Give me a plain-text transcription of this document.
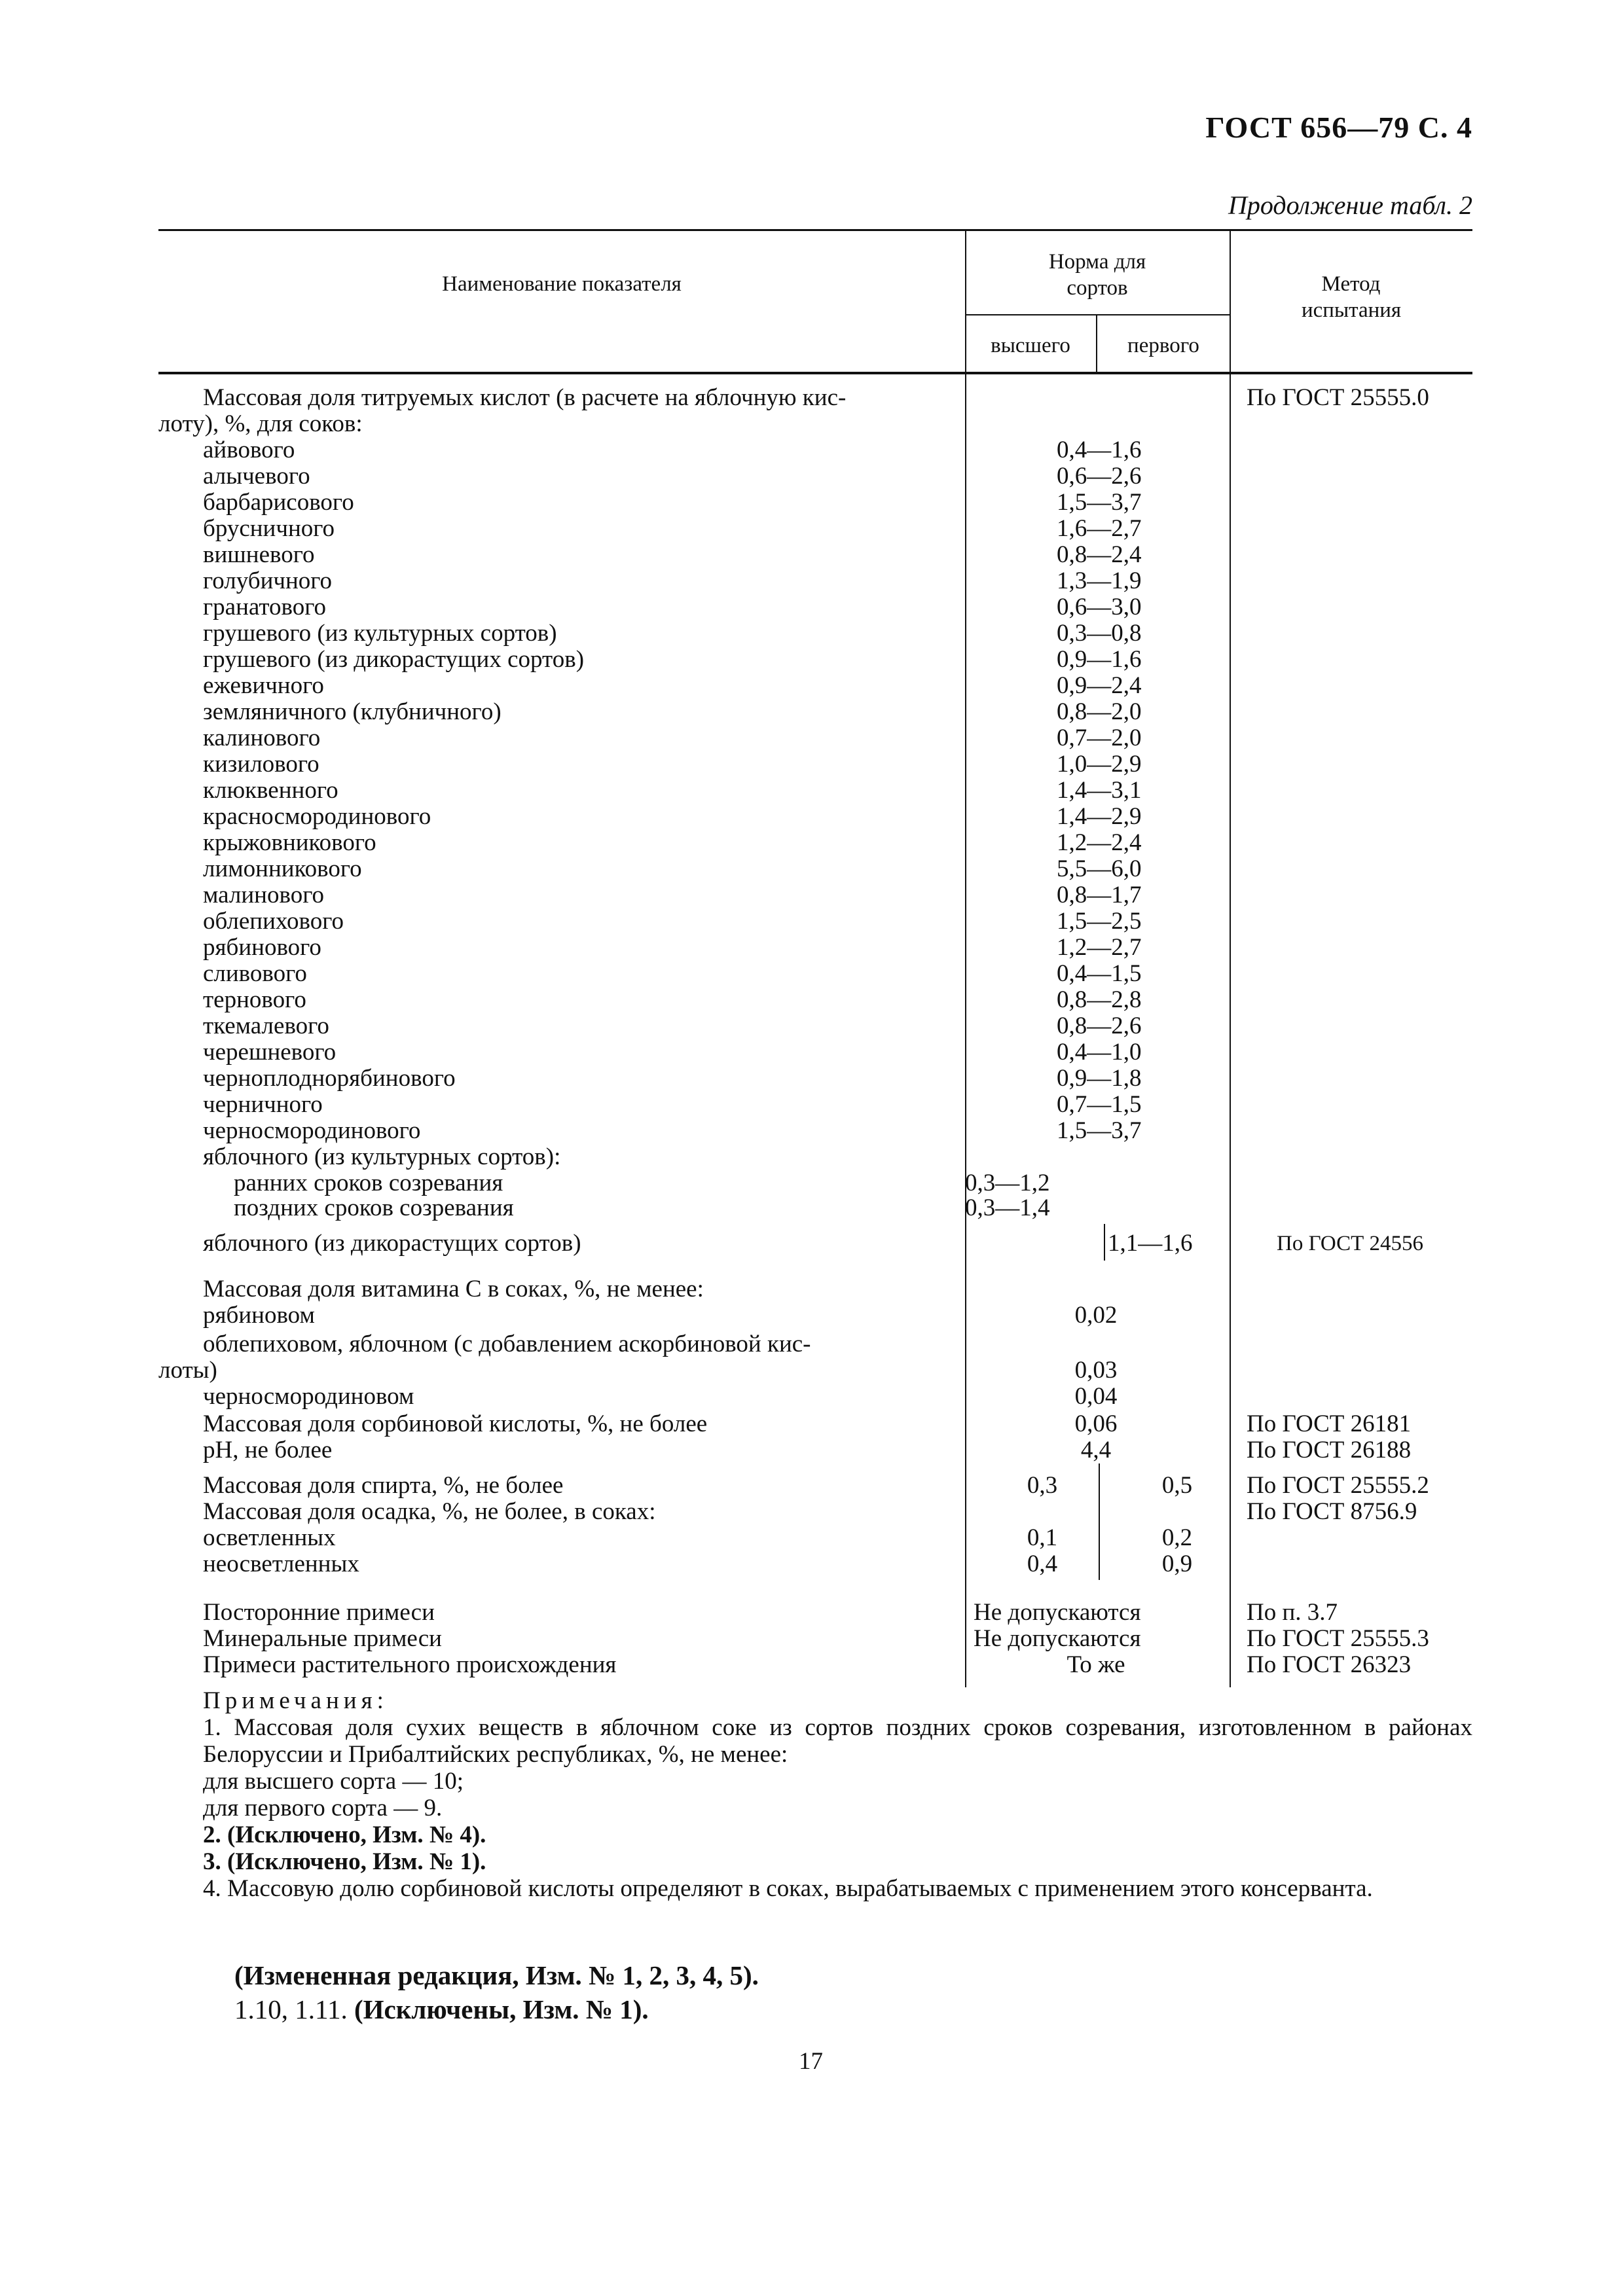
ГОСТ 656—79 С. 4
Продолжение табл. 2
Наименование показателя
Норма для сортов	Метод испытания
высшего	первого
Массовая доля титруемых кислот (в расчете на яблочную кис-	По ГОСТ 25555.0
лоту), %, для соков:
айвового	0,4—1,6
алычевого	0,6—2,6
барбарисового	1,5—3,7
брусничного	1,6—2,7
вишневого	0,8—2,4
голубичного	1,3—1,9
гранатового	0,6—3,0
грушевого (из культурных сортов)	0,3—0,8
грушевого (из дикорастущих сортов)	0,9—1,6
ежевичного	0,9—2,4
земляничного (клубничного)	0,8—2,0
калинового	0,7—2,0
кизилового	1,0—2,9
клюквенного	1,4—3,1
красносмородинового	1,4—2,9
крыжовникового	1,2—2,4
лимонникового	5,5—6,0
малинового	0,8—1,7
облепихового	1,5—2,5
рябинового	1,2—2,7
сливового	0,4—1,5
тернового	0,8—2,8
ткемалевого	0,8—2,6
черешневого	0,4—1,0
черноплоднорябинового	0,9—1,8
черничного	0,7—1,5
черносмородинового	1,5—3,7
яблочного (из культурных сортов):
ранних сроков созревания	0,3—1,2
поздних сроков созревания	0,3—1,4
яблочного (из дикорастущих сортов)	1,1—1,6	По ГОСТ 24556
Массовая доля витамина С в соках, %, не менее:
рябиновом	0,02
облепиховом, яблочном (с добавлением аскорбиновой кис-
лоты)	0,03
черносмородиновом	0,04
Массовая доля сорбиновой кислоты, %, не более	0,06	По ГОСТ 26181
pH, не более	4,4	По ГОСТ 26188
Массовая доля спирта, %, не более	0,3	0,5	По ГОСТ 25555.2
Массовая доля осадка, %, не более, в соках:	По ГОСТ 8756.9
осветленных	0,1	0,2
неосветленных	0,4	0,9
Посторонние примеси	Не допускаются	По п. 3.7
Минеральные примеси	Не допускаются	По ГОСТ 25555.3
Примеси растительного происхождения	То же	По ГОСТ 26323

Примечания:

1. Массовая доля сухих веществ в яблочном соке из сортов поздних сроков созревания, изготовленном в районах Белоруссии и Прибалтийских республиках, %, не менее:

для высшего сорта — 10;

для первого сорта — 9.

2. (Исключено, Изм. № 4).

3. (Исключено, Изм. № 1).

4. Массовую долю сорбиновой кислоты определяют в соках, вырабатываемых с применением этого консерванта.

(Измененная редакция, Изм. № 1, 2, 3, 4, 5).
1.10, 1.11. (Исключены, Изм. № 1).
17
